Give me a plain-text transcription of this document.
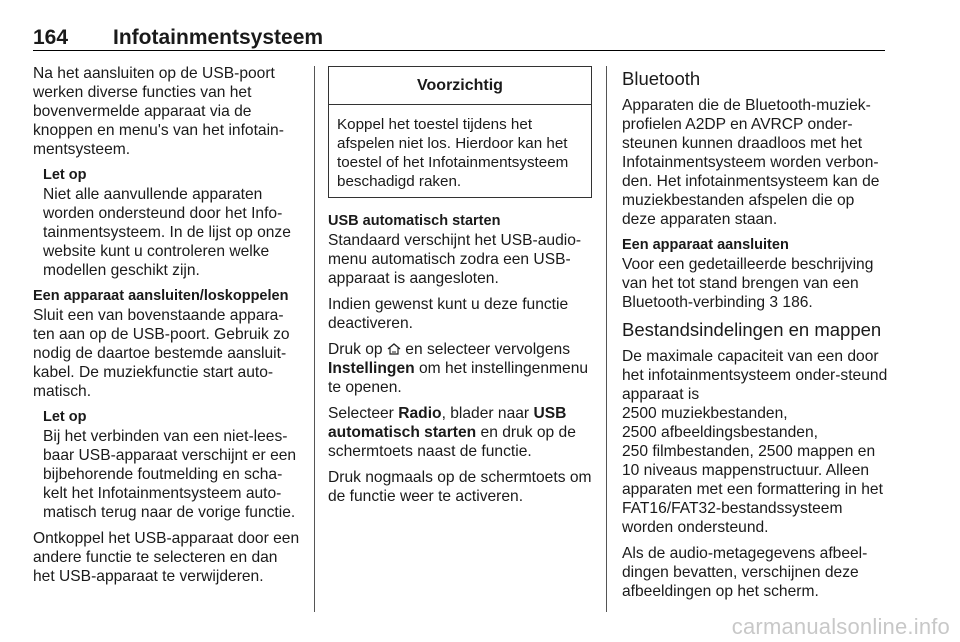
164 Infotainmentsysteem

Na het aansluiten op de USB-poort werken diverse functies van het bovenvermelde apparaat via de knoppen en menu's van het infotain-mentsysteem.

Let op
Niet alle aanvullende apparaten worden ondersteund door het Info-tainmentsysteem. In de lijst op onze website kunt u controleren welke modellen geschikt zijn.
Een apparaat aansluiten/loskoppelen

Sluit een van bovenstaande appara-ten aan op de USB-poort. Gebruik zo nodig de daartoe bestemde aansluit-kabel. De muziekfunctie start auto-matisch.

Let op
Bij het verbinden van een niet-lees-baar USB-apparaat verschijnt er een bijbehorende foutmelding en scha-kelt het Infotainmentsysteem auto-matisch terug naar de vorige functie.

Ontkoppel het USB-apparaat door een andere functie te selecteren en dan het USB-apparaat te verwijderen.

Voorzichtig

Koppel het toestel tijdens het afspelen niet los. Hierdoor kan het toestel of het Infotainmentsysteem beschadigd raken.

USB automatisch starten

Standaard verschijnt het USB-audio-menu automatisch zodra een USB-apparaat is aangesloten.

Indien gewenst kunt u deze functie deactiveren.

Druk op en selecteer vervolgens
Instellingen om het instellingenmenu te openen.

Selecteer Radio, blader naar USB automatisch starten en druk op de schermtoets naast de functie.

Druk nogmaals op de schermtoets om de functie weer te activeren.

Bluetooth

Apparaten die de Bluetooth-muziek-profielen A2DP en AVRCP onder-steunen kunnen draadloos met het Infotainmentsysteem worden verbon-den. Het infotainmentsysteem kan de muziekbestanden afspelen die op deze apparaten staan.

Een apparaat aansluiten

Voor een gedetailleerde beschrijving van het tot stand brengen van een Bluetooth-verbinding 3 186.

Bestandsindelingen en mappen

De maximale capaciteit van een door het infotainmentsysteem onder-steund apparaat is
2500 muziekbestanden,
2500 afbeeldingsbestanden,
250 filmbestanden, 2500 mappen en 10 niveaus mappenstructuur. Alleen apparaten met een formattering in het FAT16/FAT32-bestandssysteem worden ondersteund.

Als de audio-metagegevens afbeel-dingen bevatten, verschijnen deze afbeeldingen op het scherm.

carmanualsonline.info
